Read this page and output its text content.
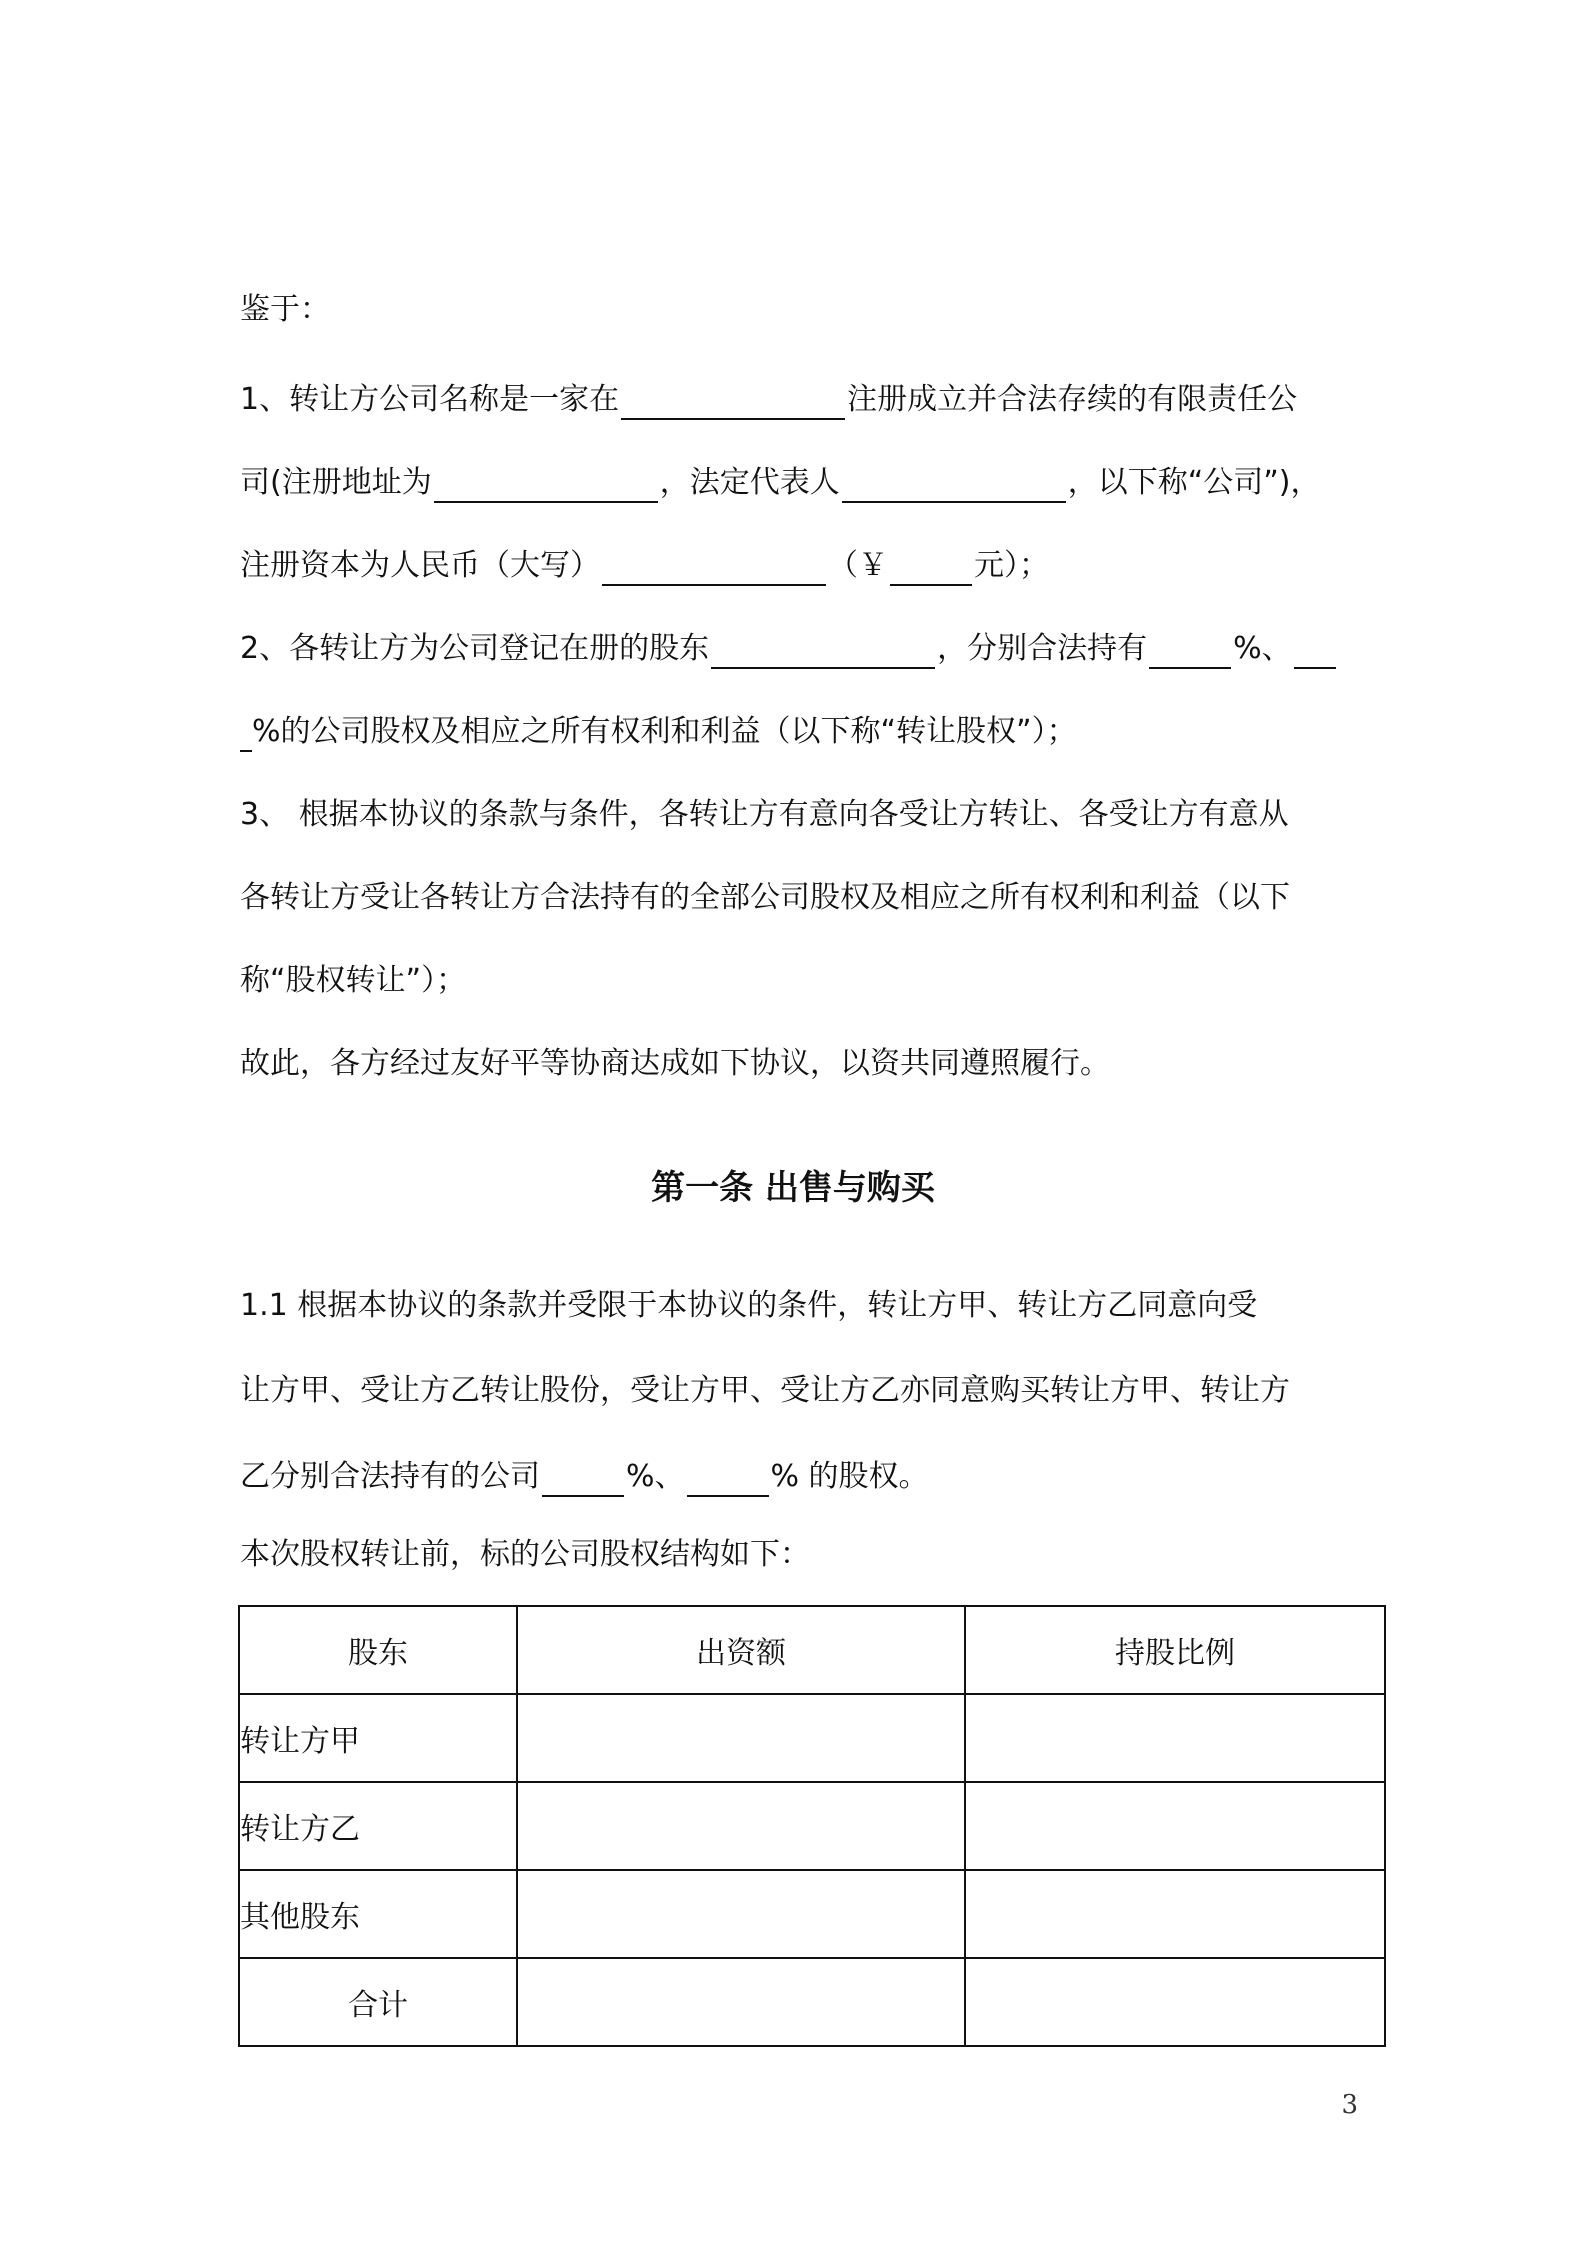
鉴于：
1、转让方公司名称是一家在	注册成立并合法存续的有限责任公
司(注册地址为	，法定代表人	，以下称“公司”)，
注册资本为人民币（大写）	（￥	元）；
2、各转让方为公司登记在册的股东	，分别合法持有	%、
%的公司股权及相应之所有权利和利益（以下称“转让股权”）；
3、 根据本协议的条款与条件，各转让方有意向各受让方转让、各受让方有意从
各转让方受让各转让方合法持有的全部公司股权及相应之所有权利和利益（以下
称“股权转让”）；
故此，各方经过友好平等协商达成如下协议，以资共同遵照履行。
第一条 出售与购买
1.1 根据本协议的条款并受限于本协议的条件，转让方甲、转让方乙同意向受
让方甲、受让方乙转让股份，受让方甲、受让方乙亦同意购买转让方甲、转让方
乙分别合法持有的公司	%、	% 的股权。
本次股权转让前，标的公司股权结构如下：
股东	出资额	持股比例
转让方甲		
转让方乙		
其他股东		
合计		
3
